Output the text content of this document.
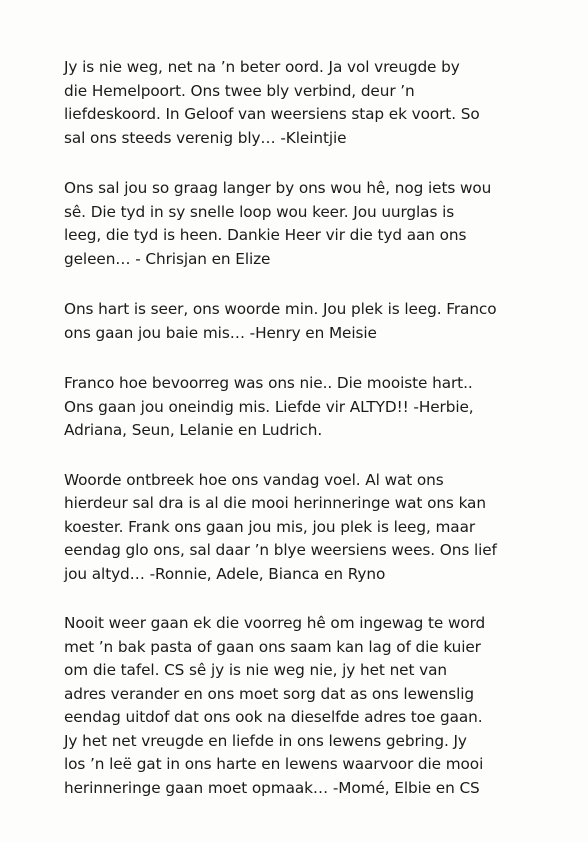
Jy is nie weg, net na ’n beter oord. Ja vol vreugde by
die Hemelpoort. Ons twee bly verbind, deur ’n
liefdeskoord. In Geloof van weersiens stap ek voort. So
sal ons steeds verenig bly… -Kleintjie

Ons sal jou so graag langer by ons wou hê, nog iets wou
sê. Die tyd in sy snelle loop wou keer. Jou uurglas is
leeg, die tyd is heen. Dankie Heer vir die tyd aan ons
geleen… - Chrisjan en Elize

Ons hart is seer, ons woorde min. Jou plek is leeg. Franco
ons gaan jou baie mis… -Henry en Meisie

Franco hoe bevoorreg was ons nie.. Die mooiste hart..
Ons gaan jou oneindig mis. Liefde vir ALTYD!! -Herbie,
Adriana, Seun, Lelanie en Ludrich.

Woorde ontbreek hoe ons vandag voel. Al wat ons
hierdeur sal dra is al die mooi herinneringe wat ons kan
koester. Frank ons gaan jou mis, jou plek is leeg, maar
eendag glo ons, sal daar ’n blye weersiens wees. Ons lief
jou altyd… -Ronnie, Adele, Bianca en Ryno

Nooit weer gaan ek die voorreg hê om ingewag te word
met ’n bak pasta of gaan ons saam kan lag of die kuier
om die tafel. CS sê jy is nie weg nie, jy het net van
adres verander en ons moet sorg dat as ons lewenslig
eendag uitdof dat ons ook na dieselfde adres toe gaan.
Jy het net vreugde en liefde in ons lewens gebring. Jy
los ’n leë gat in ons harte en lewens waarvoor die mooi
herinneringe gaan moet opmaak… -Momé, Elbie en CS
